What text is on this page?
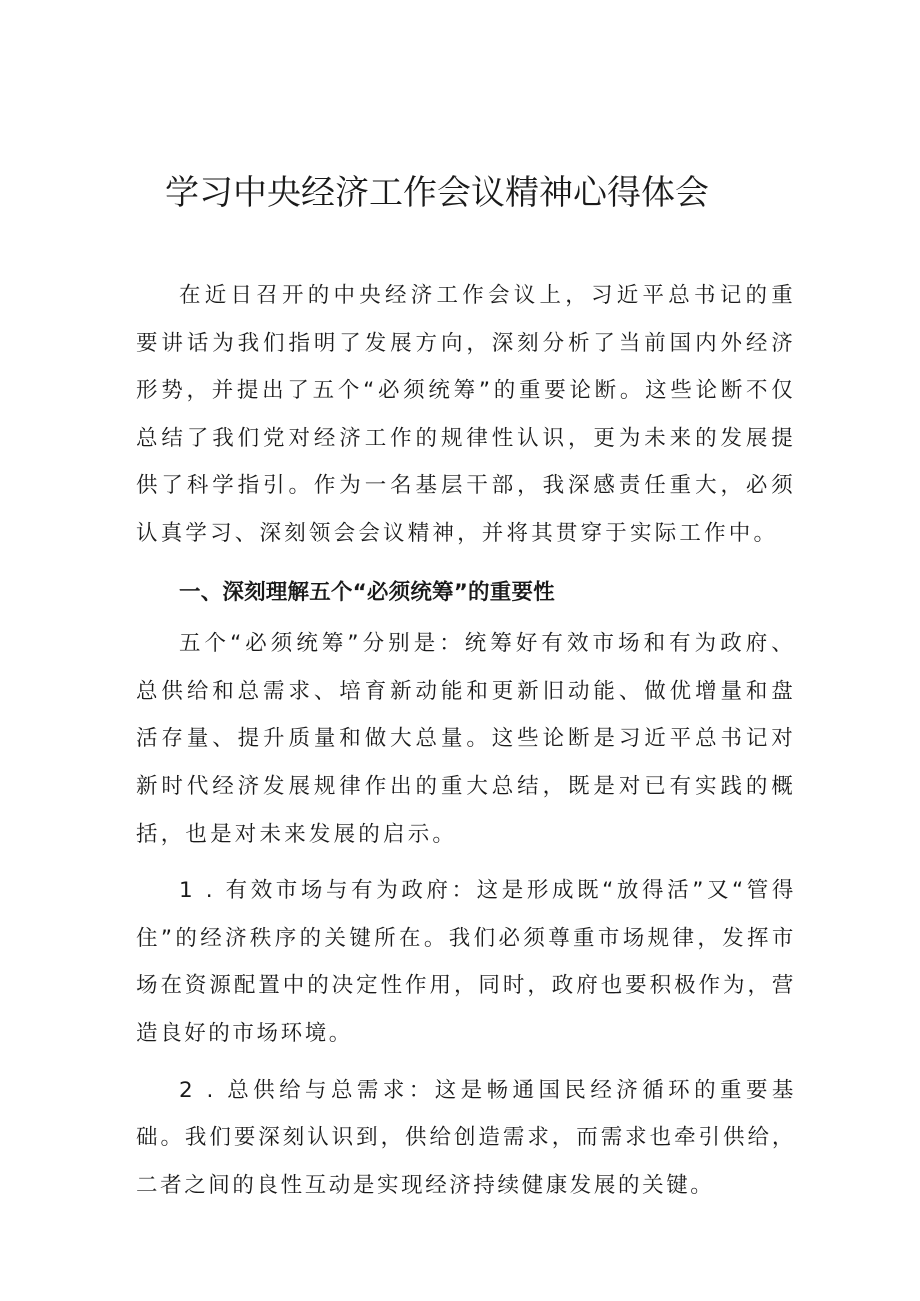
学习中央经济工作会议精神心得体会

在近日召开的中央经济工作会议上，习近平总书记的重要讲话为我们指明了发展方向，深刻分析了当前国内外经济形势，并提出了五个“必须统筹”的重要论断。这些论断不仅总结了我们党对经济工作的规律性认识，更为未来的发展提供了科学指引。作为一名基层干部，我深感责任重大，必须认真学习、深刻领会会议精神，并将其贯穿于实际工作中。

一、深刻理解五个“必须统筹”的重要性

五个“必须统筹”分别是：统筹好有效市场和有为政府、总供给和总需求、培育新动能和更新旧动能、做优增量和盘活存量、提升质量和做大总量。这些论断是习近平总书记对新时代经济发展规律作出的重大总结，既是对已有实践的概括，也是对未来发展的启示。

1 . 有效市场与有为政府：这是形成既“放得活”又“管得住”的经济秩序的关键所在。我们必须尊重市场规律，发挥市场在资源配置中的决定性作用，同时，政府也要积极作为，营造良好的市场环境。

2 . 总供给与总需求：这是畅通国民经济循环的重要基础。我们要深刻认识到，供给创造需求，而需求也牵引供给，二者之间的良性互动是实现经济持续健康发展的关键。
